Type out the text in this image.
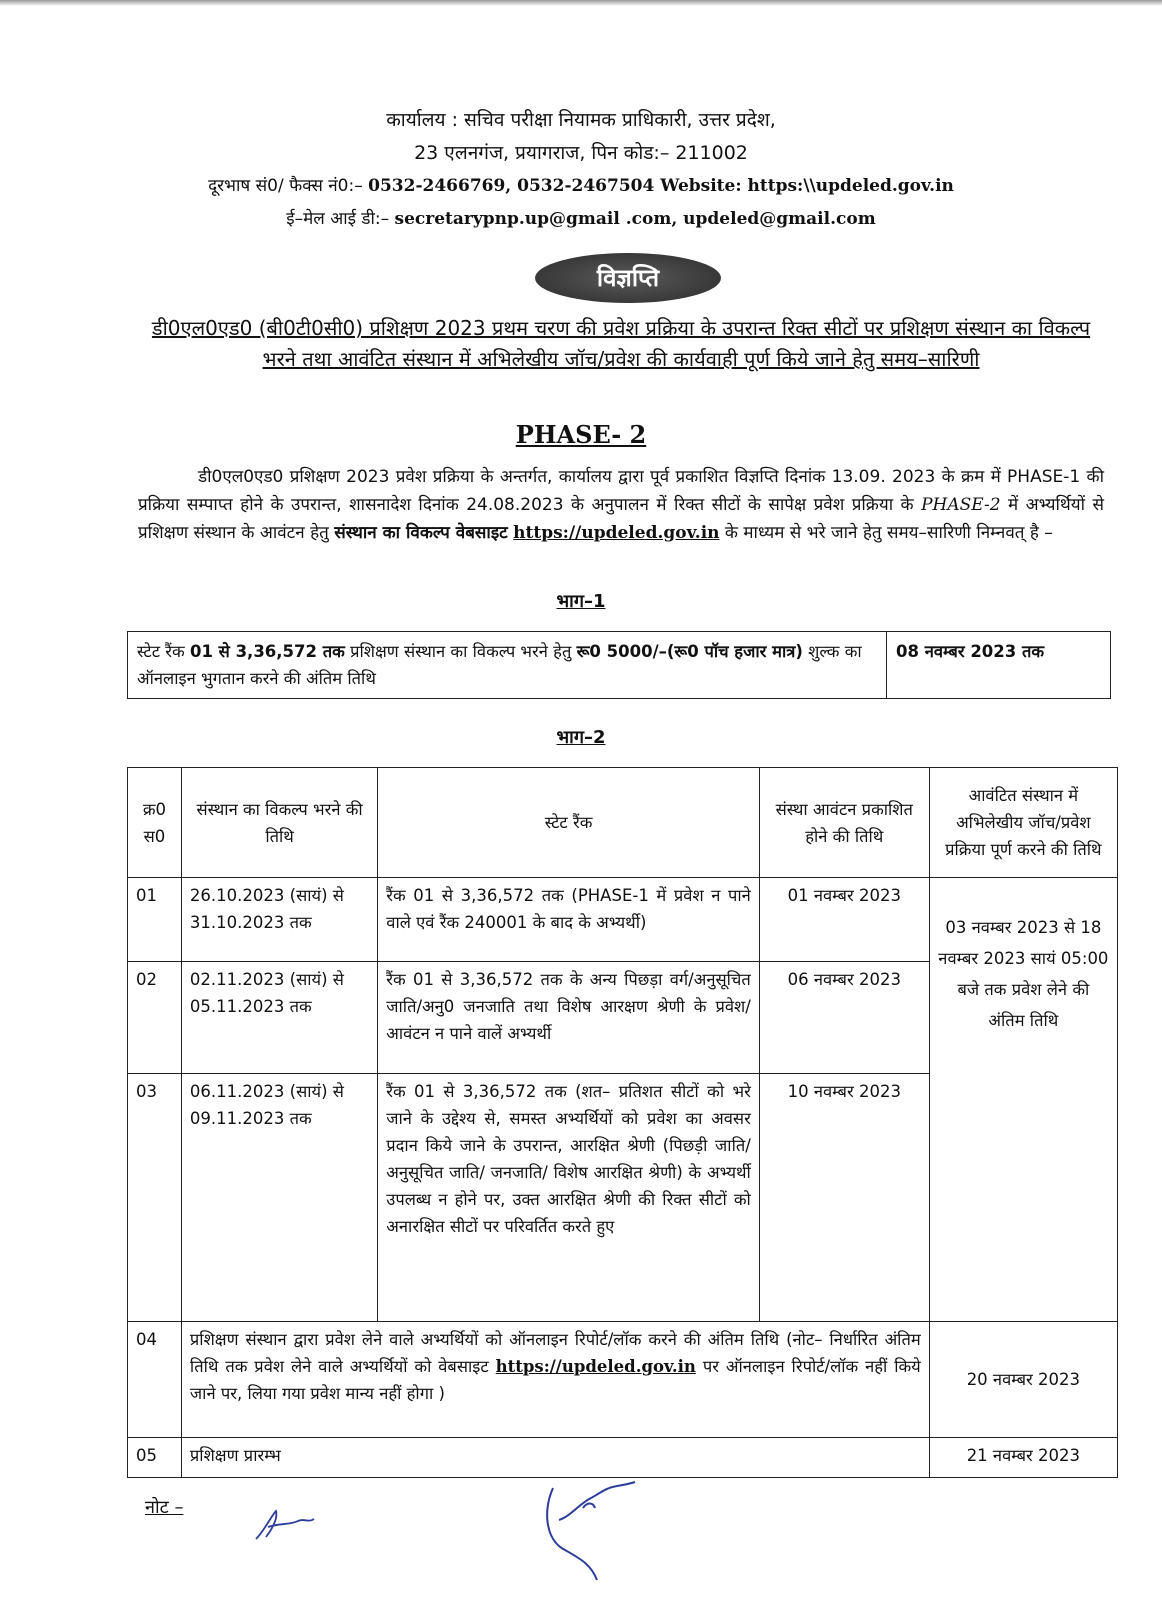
कार्यालय : सचिव परीक्षा नियामक प्राधिकारी, उत्तर प्रदेश,
23 एलनगंज, प्रयागराज, पिन कोड:– 211002
दूरभाष सं0/ फैक्स नं0:– 0532-2466769, 0532-2467504 Website: https:\\updeled.gov.in
ई–मेल आई डी:– secretarypnp.up@gmail .com, updeled@gmail.com
विज्ञप्ति
डी0एल0एड0 (बी0टी0सी0) प्रशिक्षण 2023 प्रथम चरण की प्रवेश प्रक्रिया के उपरान्त रिक्त सीटों पर प्रशिक्षण संस्थान का विकल्प भरने तथा आवंटित संस्थान में अभिलेखीय जॉच/प्रवेश की कार्यवाही पूर्ण किये जाने हेतु समय–सारिणी
PHASE- 2
डी0एल0एड0 प्रशिक्षण 2023 प्रवेश प्रक्रिया के अन्तर्गत, कार्यालय द्वारा पूर्व प्रकाशित विज्ञप्ति दिनांक 13.09. 2023 के क्रम में PHASE-1 की प्रक्रिया सम्पाप्त होने के उपरान्त, शासनादेश दिनांक 24.08.2023 के अनुपालन में रिक्त सीटों के सापेक्ष प्रवेश प्रक्रिया के PHASE-2 में अभ्यर्थियों से प्रशिक्षण संस्थान के आवंटन हेतु संस्थान का विकल्प वेबसाइट https://updeled.gov.in के माध्यम से भरे जाने हेतु समय–सारिणी निम्नवत् है –
भाग–1
स्टेट रैंक 01 से 3,36,572 तक प्रशिक्षण संस्थान का विकल्प भरने हेतु रू0 5000/–(रू0 पॉच हजार मात्र) शुल्क का ऑनलाइन भुगतान करने की अंतिम तिथि	08 नवम्बर 2023 तक
भाग–2
क्र0 स0	संस्थान का विकल्प भरने की तिथि	स्टेट रैंक	संस्था आवंटन प्रकाशित होने की तिथि	आवंटित संस्थान में अभिलेखीय जॉच/प्रवेश प्रक्रिया पूर्ण करने की तिथि
01	26.10.2023 (सायं) से 31.10.2023 तक	रैंक 01 से 3,36,572 तक (PHASE-1 में प्रवेश न पाने वाले एवं रैंक 240001 के बाद के अभ्यर्थी)	01 नवम्बर 2023	03 नवम्बर 2023 से 18 नवम्बर 2023 सायं 05:00 बजे तक प्रवेश लेने की अंतिम तिथि
02	02.11.2023 (सायं) से 05.11.2023 तक	रैंक 01 से 3,36,572 तक के अन्य पिछड़ा वर्ग/अनुसूचित जाति/अनु0 जनजाति तथा विशेष आरक्षण श्रेणी के प्रवेश/आवंटन न पाने वालें अभ्यर्थी	06 नवम्बर 2023	
03	06.11.2023 (सायं) से 09.11.2023 तक	रैंक 01 से 3,36,572 तक (शत– प्रतिशत सीटों को भरे जाने के उद्देश्य से, समस्त अभ्यर्थियों को प्रवेश का अवसर प्रदान किये जाने के उपरान्त, आरक्षित श्रेणी (पिछड़ी जाति/अनुसूचित जाति/ जनजाति/ विशेष आरक्षित श्रेणी) के अभ्यर्थी उपलब्ध न होने पर, उक्त आरक्षित श्रेणी की रिक्त सीटों को अनारक्षित सीटों पर परिवर्तित करते हुए	10 नवम्बर 2023	
04	प्रशिक्षण संस्थान द्वारा प्रवेश लेने वाले अभ्यर्थियों को ऑनलाइन रिपोर्ट/लॉक करने की अंतिम तिथि (नोट– निर्धारित अंतिम तिथि तक प्रवेश लेने वाले अभ्यर्थियों को वेबसाइट https://updeled.gov.in पर ऑनलाइन रिपोर्ट/लॉक नहीं किये जाने पर, लिया गया प्रवेश मान्य नहीं होगा )			20 नवम्बर 2023
05	प्रशिक्षण प्रारम्भ			21 नवम्बर 2023
नोट –
